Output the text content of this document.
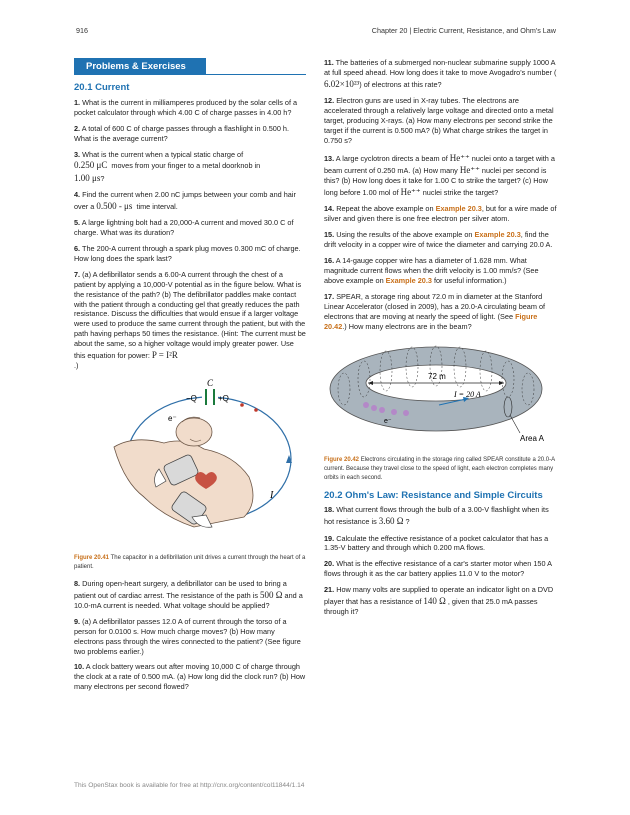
916	Chapter 20 | Electric Current, Resistance, and Ohm's Law
Problems & Exercises
20.1 Current

1. What is the current in milliamperes produced by the solar cells of a pocket calculator through which 4.00 C of charge passes in 4.00 h?

2. A total of 600 C of charge passes through a flashlight in 0.500 h. What is the average current?

3. What is the current when a typical static charge of
0.250 μC moves from your finger to a metal doorknob in
1.00 μs?

4. Find the current when 2.00 nC jumps between your comb and hair over a 0.500 - μs time interval.

5. A large lightning bolt had a 20,000-A current and moved 30.0 C of charge. What was its duration?

6. The 200-A current through a spark plug moves 0.300 mC of charge. How long does the spark last?

7. (a) A defibrillator sends a 6.00-A current through the chest of a patient by applying a 10,000-V potential as in the figure below. What is the resistance of the path? (b) The defibrillator paddles make contact with the patient through a conducting gel that greatly reduces the path resistance. Discuss the difficulties that would ensue if a larger voltage were used to produce the same current through the patient, but with the path having perhaps 50 times the resistance. (Hint: The current must be about the same, so a higher voltage would imply greater power. Use this equation for power: P = I²R
.)

C
−Q	+Q
e⁻
I
Figure 20.41 The capacitor in a defibrillation unit drives a current through the heart of a patient.

8. During open-heart surgery, a defibrillator can be used to bring a patient out of cardiac arrest. The resistance of the path is 500 Ω and a 10.0-mA current is needed. What voltage should be applied?

9. (a) A defibrillator passes 12.0 A of current through the torso of a person for 0.0100 s. How much charge moves? (b) How many electrons pass through the wires connected to the patient? (See figure two problems earlier.)

10. A clock battery wears out after moving 10,000 C of charge through the clock at a rate of 0.500 mA. (a) How long did the clock run? (b) How many electrons per second flowed?

11. The batteries of a submerged non-nuclear submarine supply 1000 A at full speed ahead. How long does it take to move Avogadro's number ( 6.02×10²³) of electrons at this rate?

12. Electron guns are used in X-ray tubes. The electrons are accelerated through a relatively large voltage and directed onto a metal target, producing X-rays. (a) How many electrons per second strike the target if the current is 0.500 mA? (b) What charge strikes the target in 0.750 s?

13. A large cyclotron directs a beam of He⁺⁺ nuclei onto a target with a beam current of 0.250 mA. (a) How many He⁺⁺ nuclei per second is this? (b) How long does it take for 1.00 C to strike the target? (c) How long before 1.00 mol of He⁺⁺ nuclei strike the target?

14. Repeat the above example on Example 20.3, but for a wire made of silver and given there is one free electron per silver atom.

15. Using the results of the above example on Example 20.3, find the drift velocity in a copper wire of twice the diameter and carrying 20.0 A.

16. A 14-gauge copper wire has a diameter of 1.628 mm. What magnitude current flows when the drift velocity is 1.00 mm/s? (See above example on Example 20.3 for useful information.)

17. SPEAR, a storage ring about 72.0 m in diameter at the Stanford Linear Accelerator (closed in 2009), has a 20.0-A circulating beam of electrons that are moving at nearly the speed of light. (See Figure 20.42.) How many electrons are in the beam?

72 m
e⁻
I = 20 A
Area A
Figure 20.42 Electrons circulating in the storage ring called SPEAR constitute a 20.0-A current. Because they travel close to the speed of light, each electron completes many orbits in each second.
20.2 Ohm's Law: Resistance and Simple Circuits

18. What current flows through the bulb of a 3.00-V flashlight when its hot resistance is 3.60 Ω ?

19. Calculate the effective resistance of a pocket calculator that has a 1.35-V battery and through which 0.200 mA flows.

20. What is the effective resistance of a car's starter motor when 150 A flows through it as the car battery applies 11.0 V to the motor?

21. How many volts are supplied to operate an indicator light on a DVD player that has a resistance of 140 Ω , given that 25.0 mA passes through it?

This OpenStax book is available for free at http://cnx.org/content/col11844/1.14
